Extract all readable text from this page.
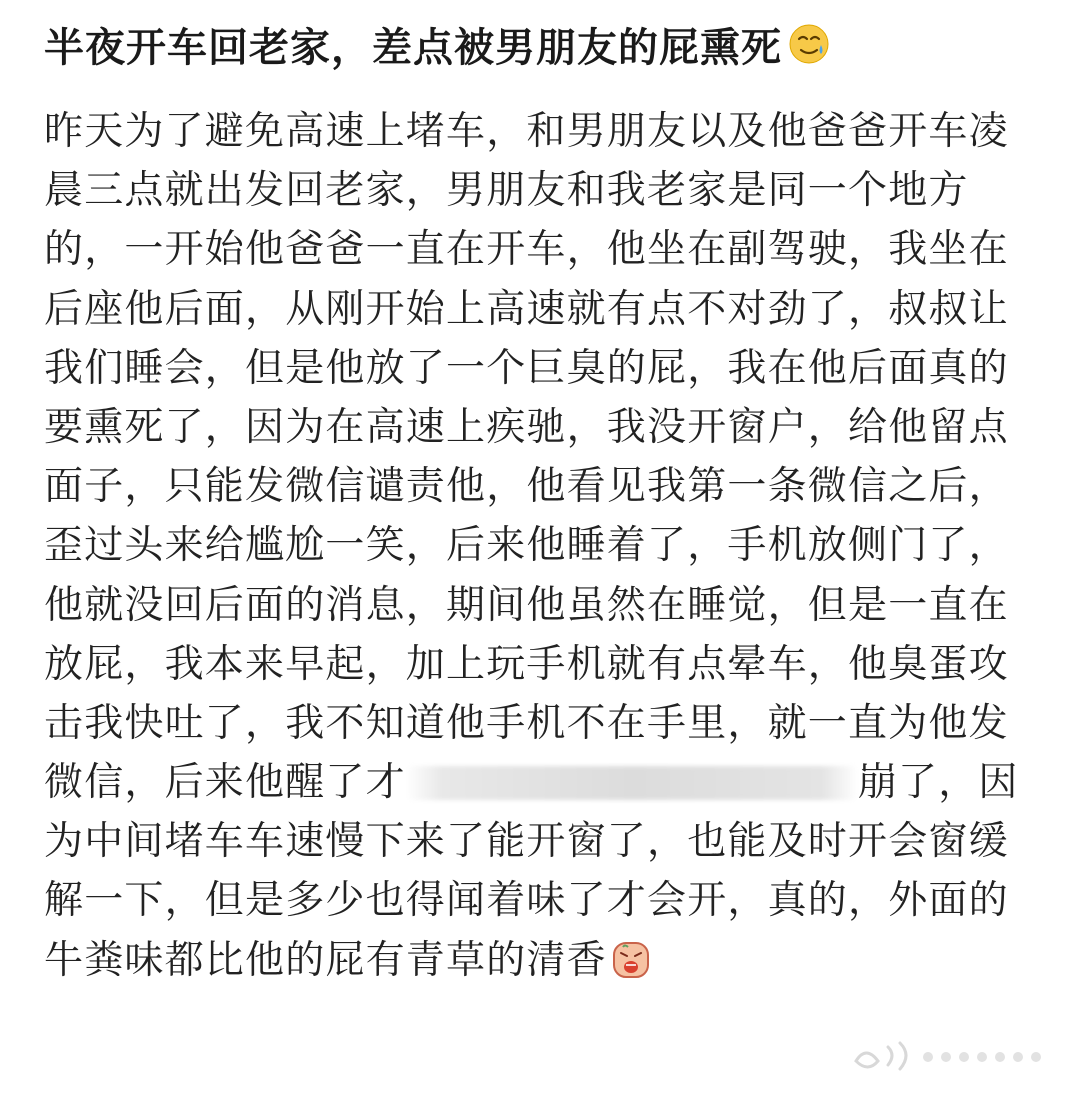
半夜开车回老家，差点被男朋友的屁熏死
昨天为了避免高速上堵车，和男朋友以及他爸爸开车凌
晨三点就出发回老家，男朋友和我老家是同一个地方
的，一开始他爸爸一直在开车，他坐在副驾驶，我坐在
后座他后面，从刚开始上高速就有点不对劲了，叔叔让
我们睡会，但是他放了一个巨臭的屁，我在他后面真的
要熏死了，因为在高速上疾驰，我没开窗户，给他留点
面子，只能发微信谴责他，他看见我第一条微信之后，
歪过头来给尴尬一笑，后来他睡着了，手机放侧门了，
他就没回后面的消息，期间他虽然在睡觉，但是一直在
放屁，我本来早起，加上玩手机就有点晕车，他臭蛋攻
击我快吐了，我不知道他手机不在手里，就一直为他发
微信，后来他醒了才	崩了，因
为中间堵车车速慢下来了能开窗了，也能及时开会窗缓
解一下，但是多少也得闻着味了才会开，真的，外面的
牛粪味都比他的屁有青草的清香
